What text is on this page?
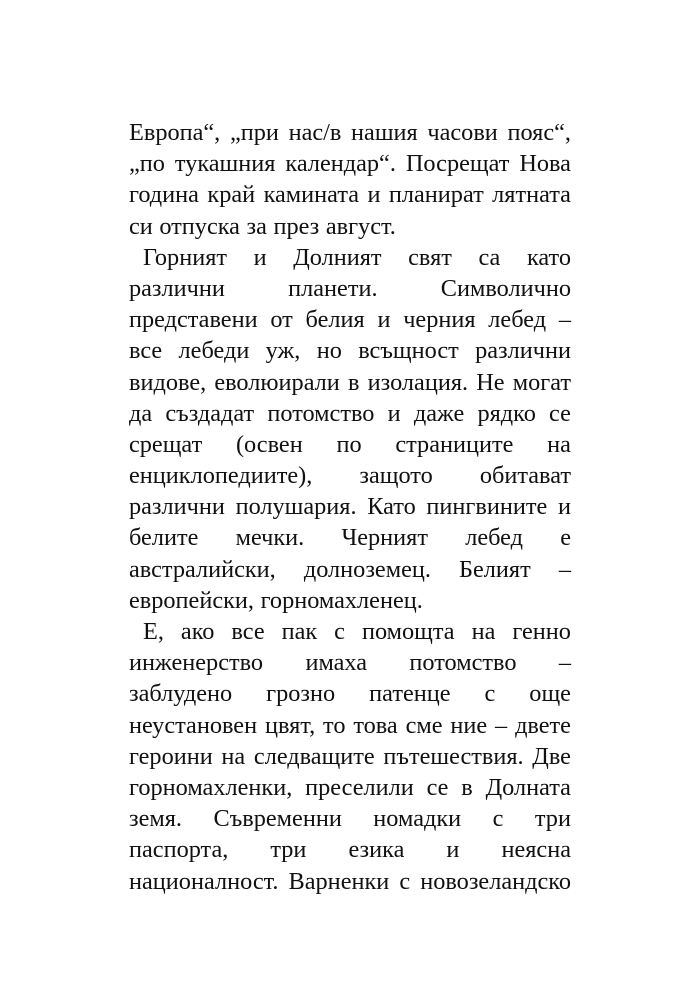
Европа“, „при нас/в нашия часови пояс“,
„по тукашния календар“. Посрещат Нова
година край камината и планират лятната
си отпуска за през август.
Горният и Долният свят са като
различни	планети.	Символично
представени от белия и черния лебед –
все лебеди уж, но всъщност различни
видове, еволюирали в изолация. Не могат
да създадат потомство и даже рядко се
срещат (освен по страниците на
енциклопедиите), защото обитават
различни полушария. Като пингвините и
белите мечки. Черният лебед е
австралийски, долноземец. Белият –
европейски, горномахленец.
Е, ако все пак с помощта на генно
инженерство имаха потомство –
заблудено грозно патенце с още
неустановен цвят, то това сме ние – двете
героини на следващите пътешествия. Две
горномахленки, преселили се в Долната
земя. Съвременни номадки с три
паспорта, три езика и неясна
националност. Варненки с новозеландско
